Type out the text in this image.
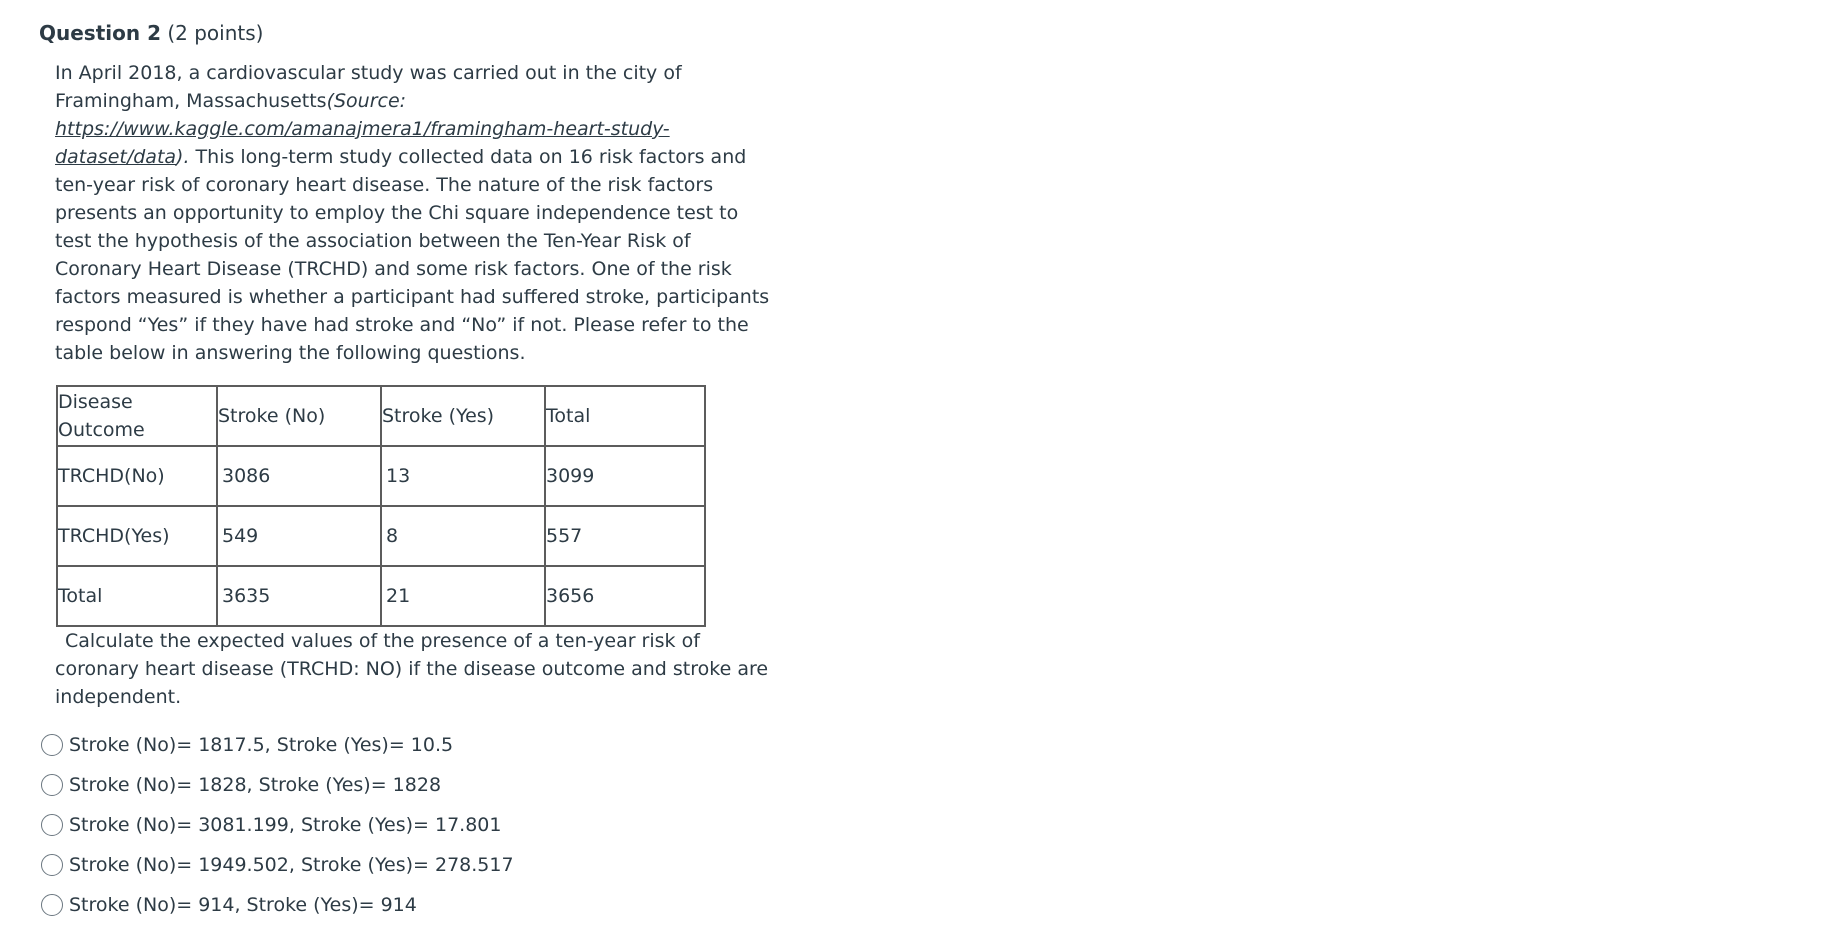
Question 2 (2 points)

In April 2018, a cardiovascular study was carried out in the city of Framingham, Massachusetts(Source: https://www.kaggle.com/amanajmera1/framingham-heart-study-dataset/data). This long-term study collected data on 16 risk factors and ten-year risk of coronary heart disease. The nature of the risk factors presents an opportunity to employ the Chi square independence test to test the hypothesis of the association between the Ten-Year Risk of Coronary Heart Disease (TRCHD) and some risk factors. One of the risk factors measured is whether a participant had suffered stroke, participants respond “Yes” if they have had stroke and “No” if not. Please refer to the table below in answering the following questions.

Disease Outcome	Stroke (No)	Stroke (Yes)	Total
TRCHD(No)	3086	13	3099
TRCHD(Yes)	549	8	557
Total	3635	21	3656

Calculate the expected values of the presence of a ten-year risk of coronary heart disease (TRCHD: NO) if the disease outcome and stroke are independent.

Stroke (No)= 1817.5, Stroke (Yes)= 10.5
Stroke (No)= 1828, Stroke (Yes)= 1828
Stroke (No)= 3081.199, Stroke (Yes)= 17.801
Stroke (No)= 1949.502, Stroke (Yes)= 278.517
Stroke (No)= 914, Stroke (Yes)= 914
